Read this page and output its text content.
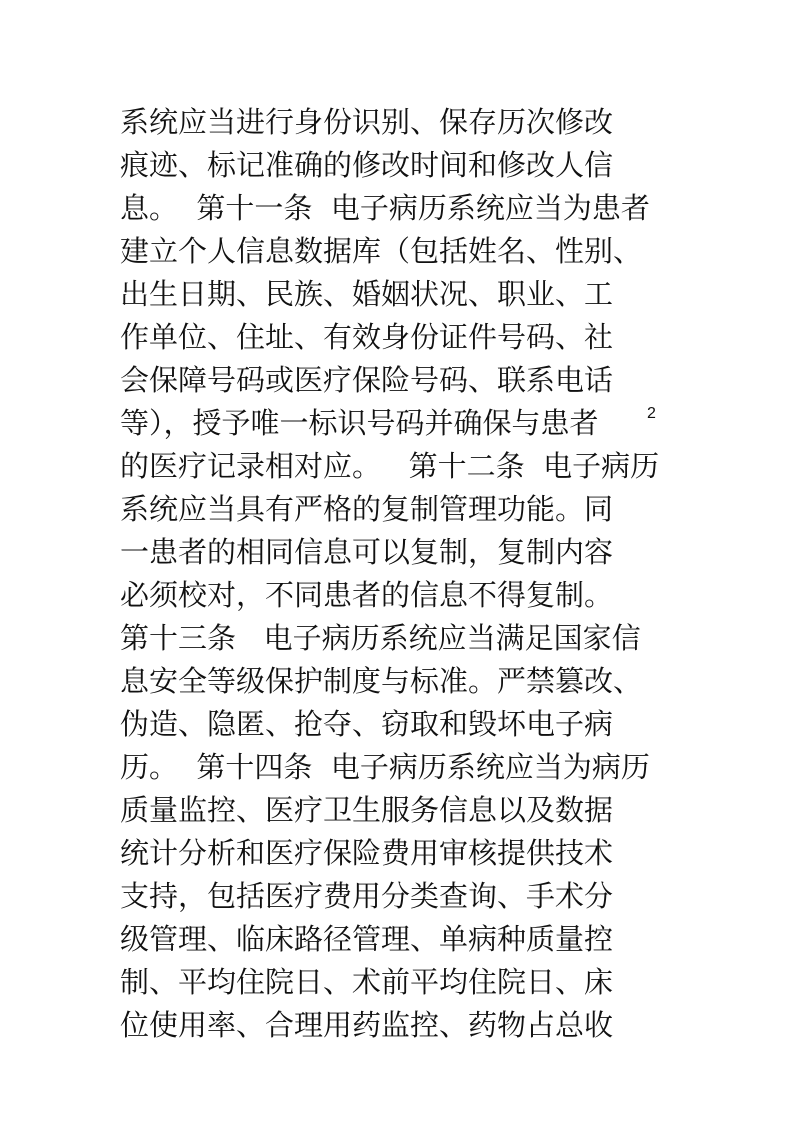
系统应当进行身份识别、保存历次修改
痕迹、标记准确的修改时间和修改人信
息。  第十一条  电子病历系统应当为患者
建立个人信息数据库（包括姓名、性别、
出生日期、民族、婚姻状况、职业、工
作单位、住址、有效身份证件号码、社
会保障号码或医疗保险号码、联系电话
等），授予唯一标识号码并确保与患者
的医疗记录相对应。   第十二条  电子病历
系统应当具有严格的复制管理功能。同
一患者的相同信息可以复制，复制内容
必须校对，不同患者的信息不得复制。
第十三条   电子病历系统应当满足国家信
息安全等级保护制度与标准。严禁篡改、
伪造、隐匿、抢夺、窃取和毁坏电子病
历。  第十四条  电子病历系统应当为病历
质量监控、医疗卫生服务信息以及数据
统计分析和医疗保险费用审核提供技术
支持，包括医疗费用分类查询、手术分
级管理、临床路径管理、单病种质量控
制、平均住院日、术前平均住院日、床
位使用率、合理用药监控、药物占总收
2
